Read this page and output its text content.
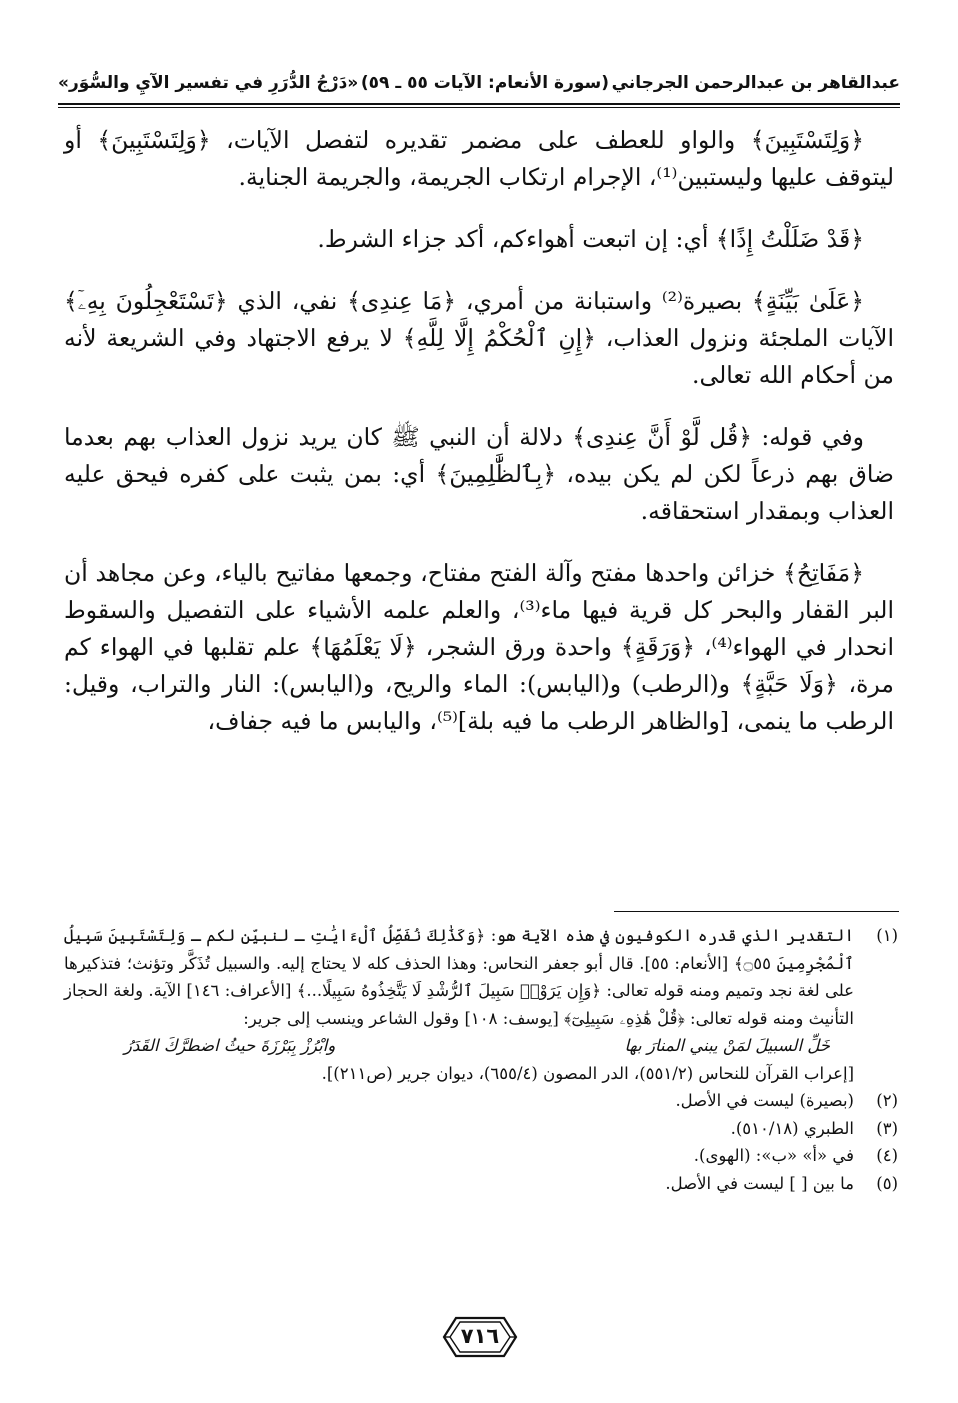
عبدالقاهر بن عبدالرحمن الجرجاني
(سورة الأنعام: الآيات ٥٥ ـ ٥٩)
«دَرْجُ الدُّرَرِ في تفسير الآيِ والسُّوَر»

﴿وَلِتَسْتَبِينَ﴾ والواو للعطف على مضمر تقديره لتفصل الآيات، ﴿وَلِتَسْتَبِينَ﴾ أو ليتوقف عليها وليستبين⁽¹⁾، الإجرام ارتكاب الجريمة، والجريمة الجناية.

﴿قَدْ ضَلَلْتُ إِذًا﴾ أي: إن اتبعت أهواءكم، أكد جزاء الشرط.

﴿عَلَىٰ بَيِّنَةٍ﴾ بصيرة⁽²⁾ واستبانة من أمري، ﴿مَا عِندِى﴾ نفي، الذي ﴿تَسْتَعْجِلُونَ بِهِۦٓ﴾ الآيات الملجئة ونزول العذاب، ﴿إِنِ ٱلْحُكْمُ إِلَّا لِلَّهِ﴾ لا يرفع الاجتهاد وفي الشريعة لأنه من أحكام الله تعالى.

وفي قوله: ﴿قُل لَّوْ أَنَّ عِندِى﴾ دلالة أن النبي ﷺ كان يريد نزول العذاب بهم بعدما ضاق بهم ذرعاً لكن لم يكن بيده، ﴿بِٱلظَّٰلِمِينَ﴾ أي: بمن يثبت على كفره فيحق عليه العذاب وبمقدار استحقاقه.

﴿مَفَاتِحُ﴾ خزائن واحدها مفتح وآلة الفتح مفتاح، وجمعها مفاتيح بالياء، وعن مجاهد أن البر القفار والبحر كل قرية فيها ماء⁽³⁾، والعلم علمه الأشياء على التفصيل والسقوط انحدار في الهواء⁽⁴⁾، ﴿وَرَقَةٍ﴾ واحدة ورق الشجر، ﴿لَا يَعْلَمُهَا﴾ علم تقلبها في الهواء كم مرة، ﴿وَلَا حَبَّةٍ﴾ و(الرطب) و(اليابس): الماء والريح، و(اليابس): النار والتراب، وقيل: الرطب ما ينمى، [والظاهر الرطب ما فيه بلة]⁽⁵⁾، واليابس ما فيه جفاف،

(١)
التقدير الذي قدره الكوفيون في هذه الآية هو: ﴿وَكَذَٰلِكَ نُفَصِّلُ ٱلْءَايَٰتِ ـ لنبيِّن لكم ـ وَلِتَسْتَبِينَ سَبِيلُ ٱلْمُجْرِمِينَ ۝٥٥﴾ [الأنعام: ٥٥]. قال أبو جعفر النحاس: وهذا الحذف كله لا يحتاج إليه. والسبيل تُذَكَّر وتؤنث؛ فتذكيرها على لغة نجد وتميم ومنه قوله تعالى: ﴿وَإِن يَرَوْا۟ سَبِيلَ ٱلرُّشْدِ لَا يَتَّخِذُوهُ سَبِيلًا...﴾ [الأعراف: ١٤٦] الآية. ولغة الحجاز التأنيث ومنه قوله تعالى: ﴿قُلْ هَٰذِهِۦ سَبِيلِىٓ﴾ [يوسف: ١٠٨] وقول الشاعر وينسب إلى جرير:
خَلِّ السبيلَ لمَنْ يبني المنارَ بها
وابْرُزْ بِبَرْزَةَ حيثُ اضطرَّكَ القَدَرُ
[إعراب القرآن للنحاس (٥٥١/٢)، الدر المصون (٦٥٥/٤)، ديوان جرير (ص٢١١)].
(٢)
(بصيرة) ليست في الأصل.
(٣)
الطبري (٥١٠/١٨).
(٤)
في «أ» «ب»: (الهوى).
(٥)
ما بين [ ] ليست في الأصل.
٧١٦
